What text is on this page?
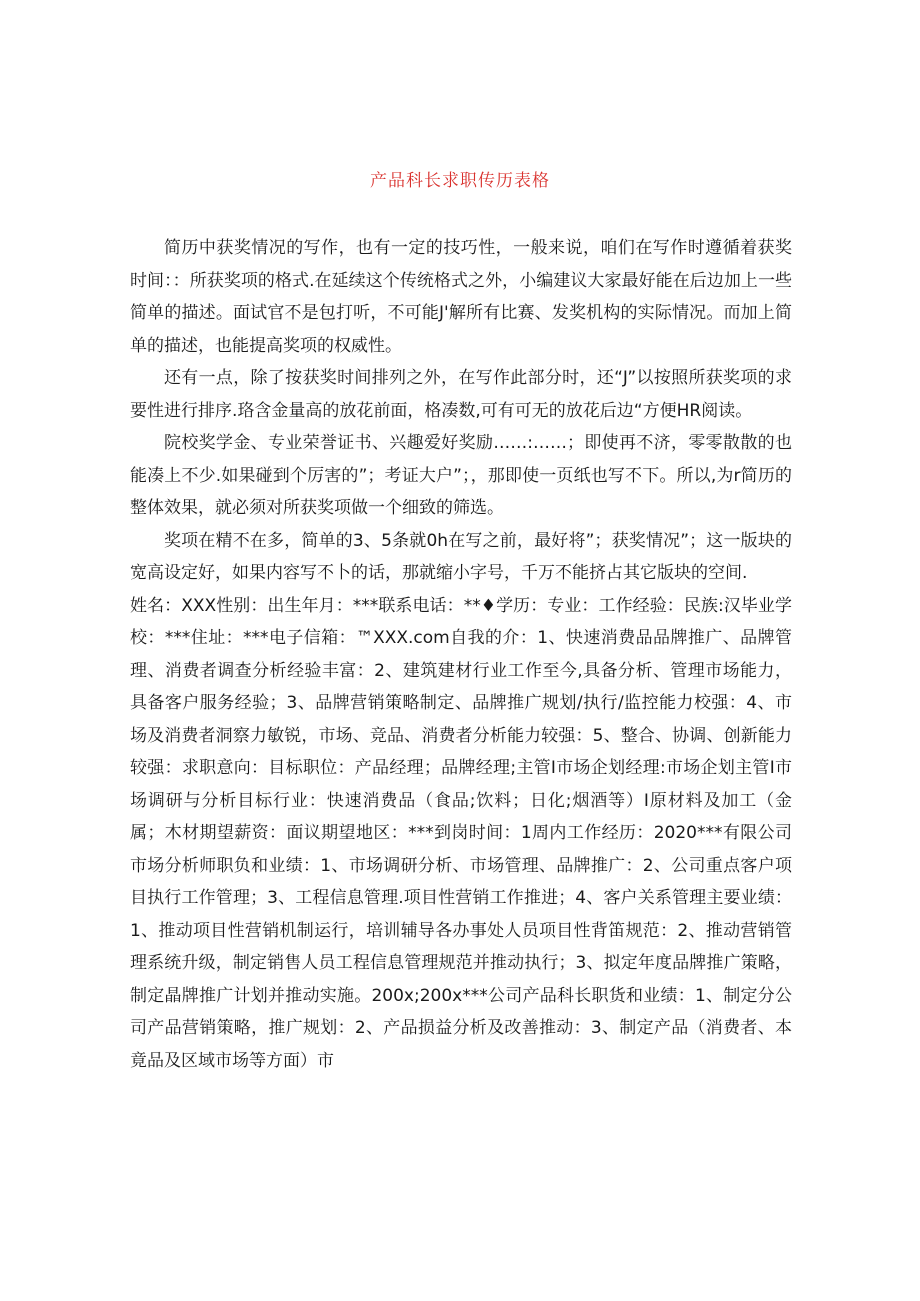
产品科长求职传历表格

简历中获奖情况的写作，也有一定的技巧性，一般来说，咱们在写作时遵循着获奖时间：：所获奖项的格式.在延续这个传统格式之外，小编建议大家最好能在后边加上一些简单的描述。面试官不是包打听，不可能J'解所有比赛、发奖机构的实际情况。而加上简单的描述，也能提高奖项的权威性。

还有一点，除了按获奖时间排列之外，在写作此部分时，还“J”以按照所获奖项的求要性进行排序.珞含金量高的放花前面，格凑数,可有可无的放花后边“方便HR阅读。

院校奖学金、专业荣誉证书、兴趣爱好奖励……:……；即使再不济，零零散散的也能凑上不少.如果碰到个厉害的”；考证大户”；，那即使一页纸也写不下。所以,为r简历的整体效果，就必须对所获奖项做一个细致的筛选。

奖项在精不在多，简单的3、5条就0h在写之前，最好将”；获奖情况”；这一版块的宽高设定好，如果内容写不卜的话，那就缩小字号，千万不能挤占其它版块的空间.

姓名：XXX性别：出生年月：***联系电话：**♦学历：专业：工作经验：民族:汉毕业学校：***住址：***电子信箱：™XXX.com自我的介：1、快速消费品品牌推广、品牌管理、消费者调查分析经验丰富：2、建筑建材行业工作至今,具备分析、管理市场能力，具备客户服务经验；3、品牌营销策略制定、品牌推广规划/执行/监控能力校强：4、市场及消费者洞察力敏锐，市场、竞品、消费者分析能力较强：5、整合、协调、创新能力较强：求职意向：目标职位：产品经理；品牌经理;主管I市场企划经理:市场企划主管I市场调研与分析目标行业：快速消费品（食品;饮料；日化;烟酒等）I原材料及加工（金属；木材期望薪资：面议期望地区：***到岗时间：1周内工作经历：2020***有限公司市场分析师职负和业绩：1、市场调研分析、市场管理、品牌推广：2、公司重点客户项目执行工作管理；3、工程信息管理.项目性营销工作推进；4、客户关系管理主要业绩：1、推动项目性营销机制运行，培训辅导各办事处人员项目性背笛规范：2、推动营销管理系统升级，制定销售人员工程信息管理规范并推动执行；3、拟定年度品牌推广策略，制定晶牌推广计划并推动实施。200x;200x***公司产品科长职货和业绩：1、制定分公司产品营销策略，推广规划：2、产品损益分析及改善推动：3、制定产品（消费者、本竟品及区域市场等方面）市
